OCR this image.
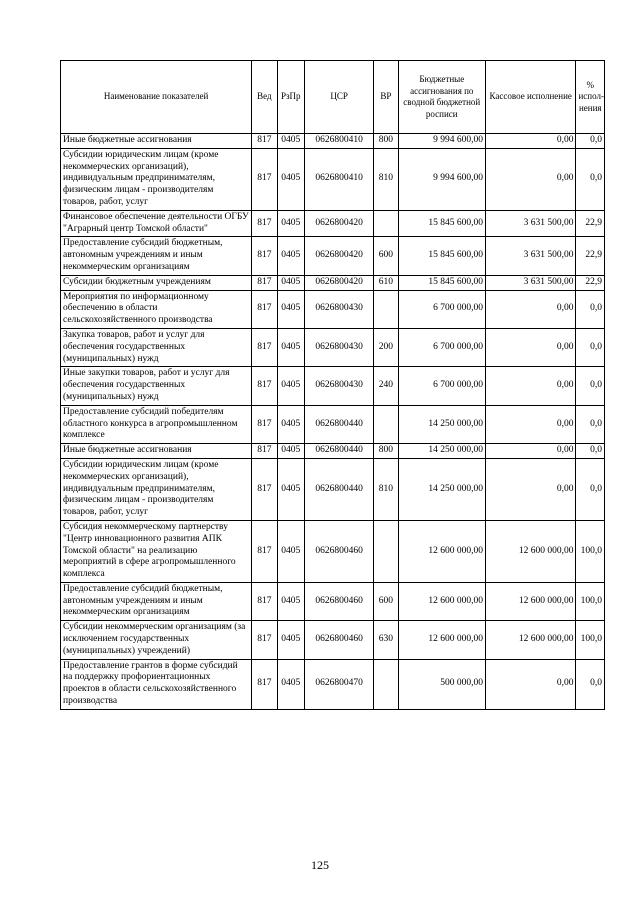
Наименование показателей	Вед	РзПр	ЦСР	ВР	Бюджетные ассигнования по сводной бюджетной росписи	Кассовое исполнение	% испол-нения
Иные бюджетные ассигнования	817	0405	0626800410	800	9 994 600,00	0,00	0,0
Субсидии юридическим лицам (кроме некоммерческих организаций), индивидуальным предпринимателям, физическим лицам - производителям товаров, работ, услуг	817	0405	0626800410	810	9 994 600,00	0,00	0,0
Финансовое обеспечение деятельности ОГБУ "Аграрный центр Томской области"	817	0405	0626800420		15 845 600,00	3 631 500,00	22,9
Предоставление субсидий бюджетным, автономным учреждениям и иным некоммерческим организациям	817	0405	0626800420	600	15 845 600,00	3 631 500,00	22,9
Субсидии бюджетным учреждениям	817	0405	0626800420	610	15 845 600,00	3 631 500,00	22,9
Мероприятия по информационному обеспечению в области сельскохозяйственного производства	817	0405	0626800430		6 700 000,00	0,00	0,0
Закупка товаров, работ и услуг для обеспечения государственных (муниципальных) нужд	817	0405	0626800430	200	6 700 000,00	0,00	0,0
Иные закупки товаров, работ и услуг для обеспечения государственных (муниципальных) нужд	817	0405	0626800430	240	6 700 000,00	0,00	0,0
Предоставление субсидий победителям областного конкурса в агропромышленном комплексе	817	0405	0626800440		14 250 000,00	0,00	0,0
Иные бюджетные ассигнования	817	0405	0626800440	800	14 250 000,00	0,00	0,0
Субсидии юридическим лицам (кроме некоммерческих организаций), индивидуальным предпринимателям, физическим лицам - производителям товаров, работ, услуг	817	0405	0626800440	810	14 250 000,00	0,00	0,0
Субсидия некоммерческому партнерству "Центр инновационного развития АПК Томской области" на реализацию мероприятий в сфере агропромышленного комплекса	817	0405	0626800460		12 600 000,00	12 600 000,00	100,0
Предоставление субсидий бюджетным, автономным учреждениям и иным некоммерческим организациям	817	0405	0626800460	600	12 600 000,00	12 600 000,00	100,0
Субсидии некоммерческим организациям (за исключением государственных (муниципальных) учреждений)	817	0405	0626800460	630	12 600 000,00	12 600 000,00	100,0
Предоставление грантов в форме субсидий на поддержку профориентационных проектов в области сельскохозяйственного производства	817	0405	0626800470		500 000,00	0,00	0,0
125
